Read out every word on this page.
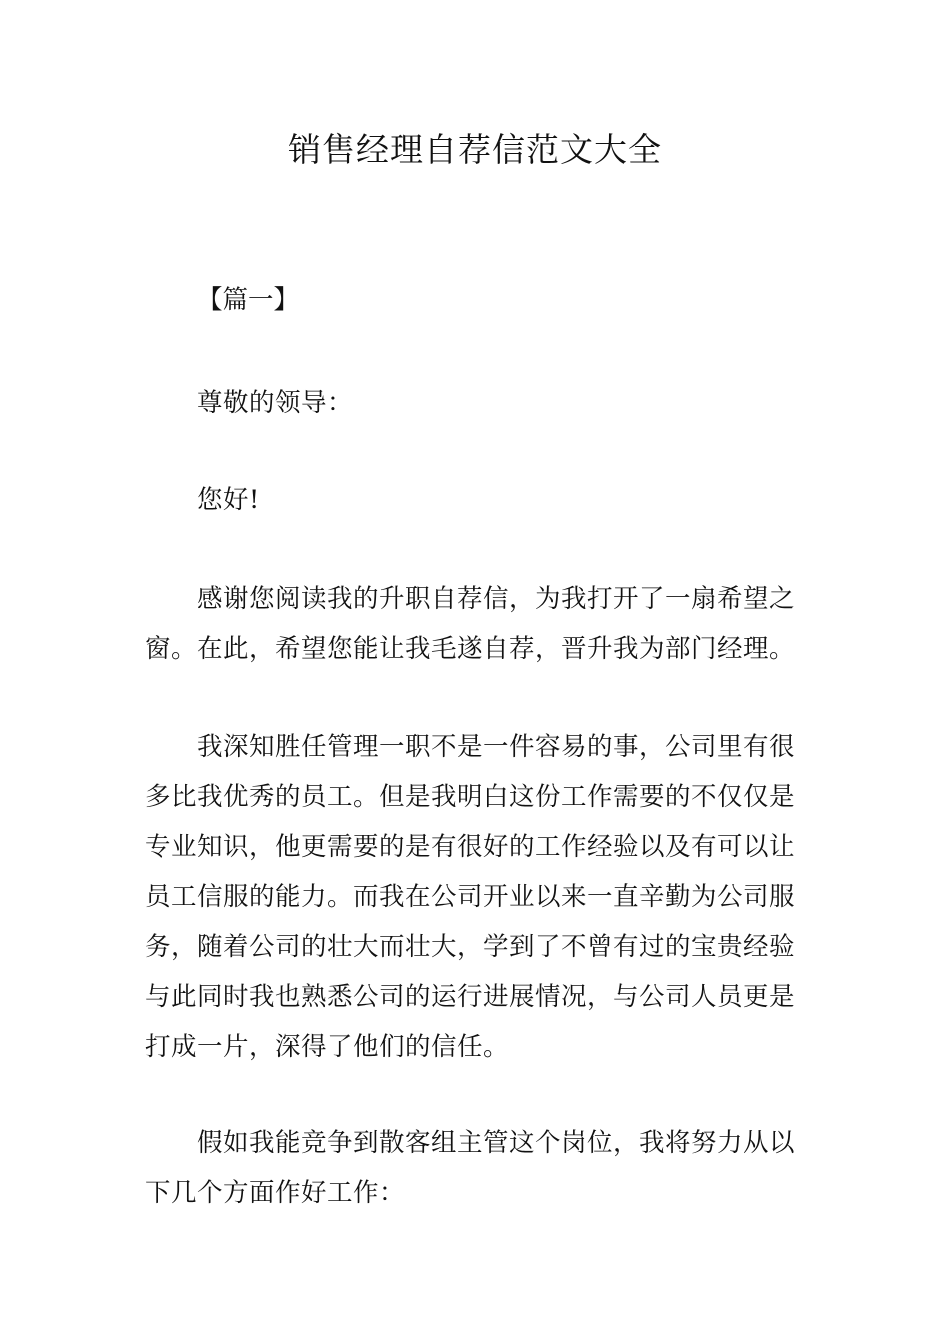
销售经理自荐信范文大全

【篇一】

尊敬的领导：

您好!

感谢您阅读我的升职自荐信，为我打开了一扇希望之
窗。在此，希望您能让我毛遂自荐，晋升我为部门经理。
我深知胜任管理一职不是一件容易的事，公司里有很
多比我优秀的员工。但是我明白这份工作需要的不仅仅是
专业知识，他更需要的是有很好的工作经验以及有可以让
员工信服的能力。而我在公司开业以来一直辛勤为公司服
务，随着公司的壮大而壮大，学到了不曾有过的宝贵经验
与此同时我也熟悉公司的运行进展情况，与公司人员更是
打成一片，深得了他们的信任。
假如我能竞争到散客组主管这个岗位，我将努力从以
下几个方面作好工作：
